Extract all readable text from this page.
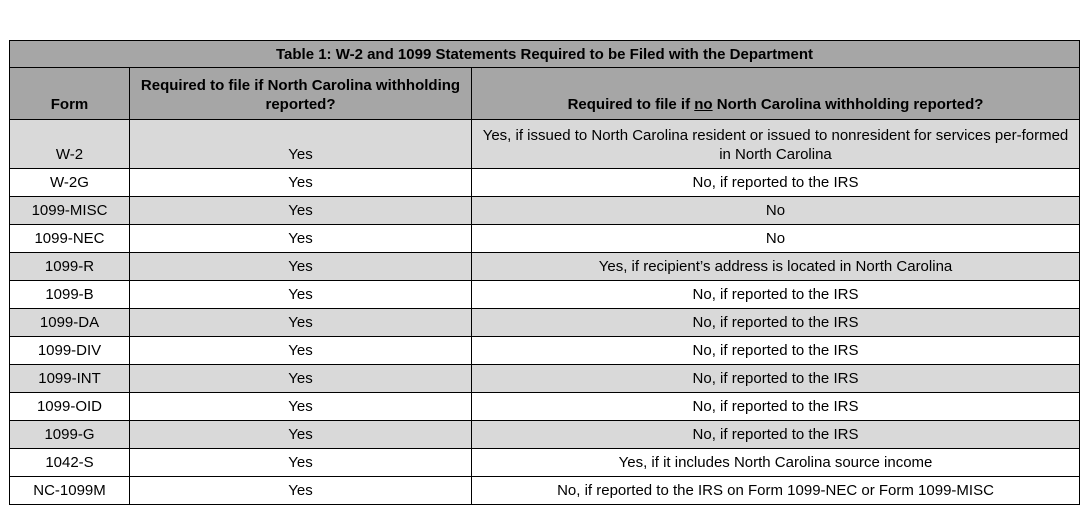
Table 1: W-2 and 1099 Statements Required to be Filed with the Department		
Form	Required to file if North Carolina withholding reported?	Required to file if no North Carolina withholding reported?
W-2	Yes	Yes, if issued to North Carolina resident or issued to nonresident for services per-formed in North Carolina
W-2G	Yes	No, if reported to the IRS
1099-MISC	Yes	No
1099-NEC	Yes	No
1099-R	Yes	Yes, if recipient’s address is located in North Carolina
1099-B	Yes	No, if reported to the IRS
1099-DA	Yes	No, if reported to the IRS
1099-DIV	Yes	No, if reported to the IRS
1099-INT	Yes	No, if reported to the IRS
1099-OID	Yes	No, if reported to the IRS
1099-G	Yes	No, if reported to the IRS
1042-S	Yes	Yes, if it includes North Carolina source income
NC-1099M	Yes	No, if reported to the IRS on Form 1099-NEC or Form 1099-MISC
